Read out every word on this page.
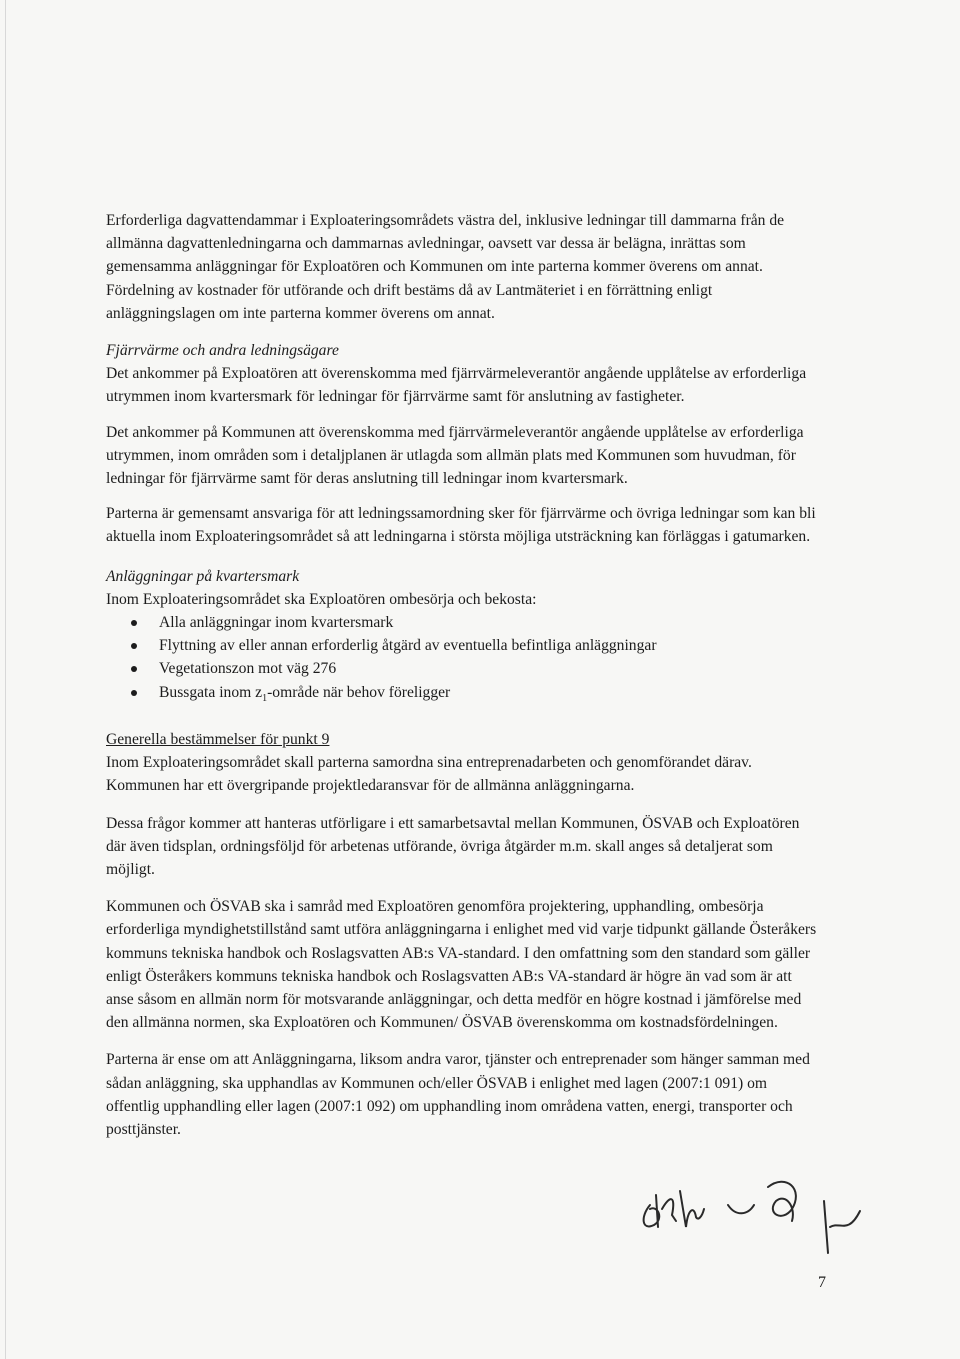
Erforderliga dagvattendammar i Exploateringsområdets västra del, inklusive ledningar till dammarna från de allmänna dagvattenledningarna och dammarnas avledningar, oavsett var dessa är belägna, inrättas som gemensamma anläggningar för Exploatören och Kommunen om inte parterna kommer överens om annat. Fördelning av kostnader för utförande och drift bestäms då av Lantmäteriet i en förrättning enligt anläggningslagen om inte parterna kommer överens om annat.

Fjärrvärme och andra ledningsägare

Det ankommer på Exploatören att överenskomma med fjärrvärmeleverantör angående upplåtelse av erforderliga utrymmen inom kvartersmark för ledningar för fjärrvärme samt för anslutning av fastigheter.

Det ankommer på Kommunen att överenskomma med fjärrvärmeleverantör angående upplåtelse av erforderliga utrymmen, inom områden som i detaljplanen är utlagda som allmän plats med Kommunen som huvudman, för ledningar för fjärrvärme samt för deras anslutning till ledningar inom kvartersmark.

Parterna är gemensamt ansvariga för att ledningssamordning sker för fjärrvärme och övriga ledningar som kan bli aktuella inom Exploateringsområdet så att ledningarna i största möjliga utsträckning kan förläggas i gatumarken.

Anläggningar på kvartersmark

Inom Exploateringsområdet ska Exploatören ombesörja och bekosta:

Alla anläggningar inom kvartersmark
Flyttning av eller annan erforderlig åtgärd av eventuella befintliga anläggningar
Vegetationszon mot väg 276
Bussgata inom $z_1$-område när behov föreligger

Generella bestämmelser för punkt 9

Inom Exploateringsområdet skall parterna samordna sina entreprenadarbeten och genomförandet därav. Kommunen har ett övergripande projektledaransvar för de allmänna anläggningarna.

Dessa frågor kommer att hanteras utförligare i ett samarbetsavtal mellan Kommunen, ÖSVAB och Exploatören där även tidsplan, ordningsföljd för arbetenas utförande, övriga åtgärder m.m. skall anges så detaljerat som möjligt.

Kommunen och ÖSVAB ska i samråd med Exploatören genomföra projektering, upphandling, ombesörja erforderliga myndighetstillstånd samt utföra anläggningarna i enlighet med vid varje tidpunkt gällande Österåkers kommuns tekniska handbok och Roslagsvatten AB:s VA-standard. I den omfattning som den standard som gäller enligt Österåkers kommuns tekniska handbok och Roslagsvatten AB:s VA-standard är högre än vad som är att anse såsom en allmän norm för motsvarande anläggningar, och detta medför en högre kostnad i jämförelse med den allmänna normen, ska Exploatören och Kommunen/ ÖSVAB överenskomma om kostnadsfördelningen.

Parterna är ense om att Anläggningarna, liksom andra varor, tjänster och entreprenader som hänger samman med sådan anläggning, ska upphandlas av Kommunen och/eller ÖSVAB i enlighet med lagen (2007:1 091) om offentlig upphandling eller lagen (2007:1 092) om upphandling inom områdena vatten, energi, transporter och posttjänster.

7
